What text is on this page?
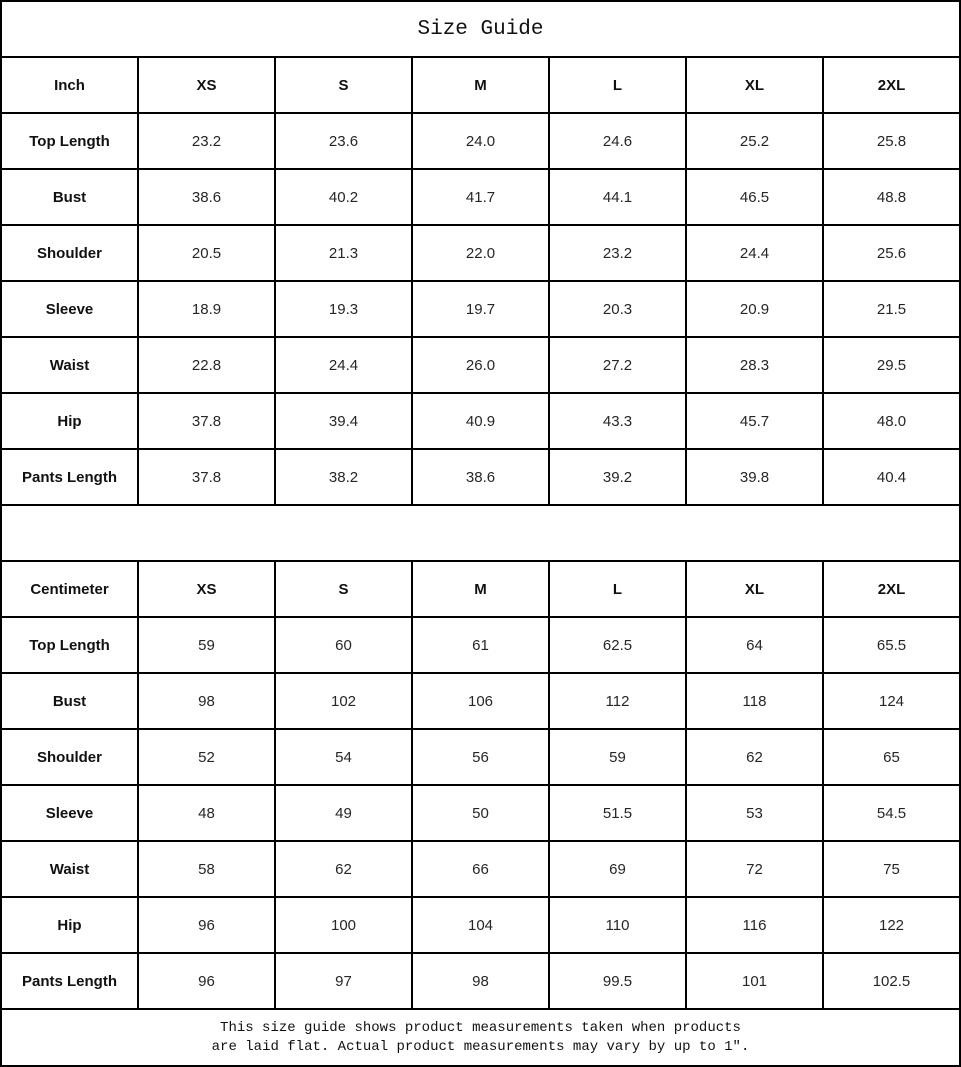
Size Guide						
Inch	XS	S	M	L	XL	2XL
Top Length	23.2	23.6	24.0	24.6	25.2	25.8
Bust	38.6	40.2	41.7	44.1	46.5	48.8
Shoulder	20.5	21.3	22.0	23.2	24.4	25.6
Sleeve	18.9	19.3	19.7	20.3	20.9	21.5
Waist	22.8	24.4	26.0	27.2	28.3	29.5
Hip	37.8	39.4	40.9	43.3	45.7	48.0
Pants Length	37.8	38.2	38.6	39.2	39.8	40.4

Centimeter	XS	S	M	L	XL	2XL
Top Length	59	60	61	62.5	64	65.5
Bust	98	102	106	112	118	124
Shoulder	52	54	56	59	62	65
Sleeve	48	49	50	51.5	53	54.5
Waist	58	62	66	69	72	75
Hip	96	100	104	110	116	122
Pants Length	96	97	98	99.5	101	102.5

This size guide shows product measurements taken when products
are laid flat. Actual product measurements may vary by up to 1″.						
